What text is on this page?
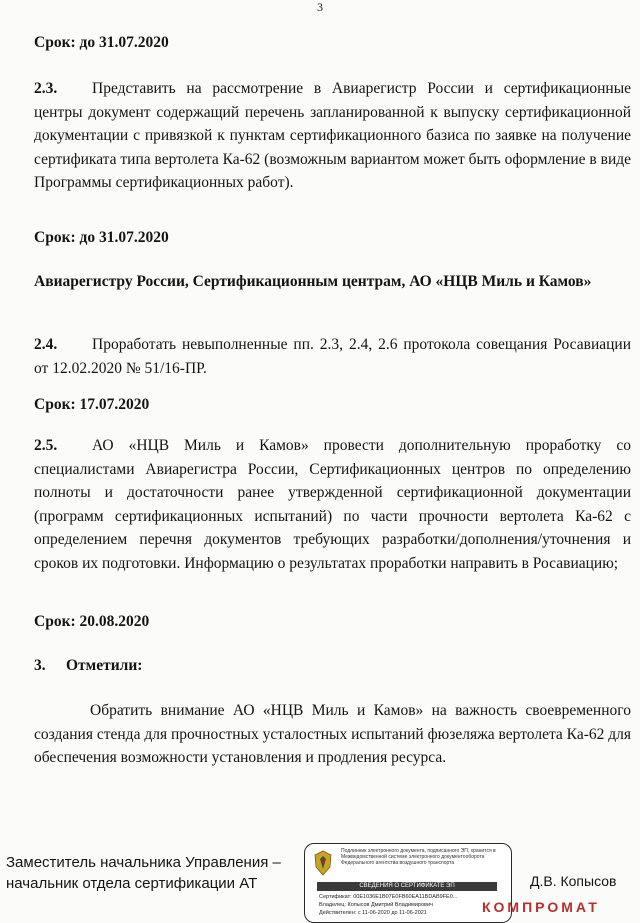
3
Срок: до 31.07.2020
2.3. Представить на рассмотрение в Авиарегистр России и сертификационные центры документ содержащий перечень запланированной к выпуску сертификационной документации с привязкой к пунктам сертификационного базиса по заявке на получение сертификата типа вертолета Ка-62 (возможным вариантом может быть оформление в виде Программы сертификационных работ).
Срок: до 31.07.2020
Авиарегистру России, Сертификационным центрам, АО «НЦВ Миль и Камов»
2.4. Проработать невыполненные пп. 2.3, 2.4, 2.6 протокола совещания Росавиации от 12.02.2020 № 51/16-ПР.
Срок: 17.07.2020
2.5. АО «НЦВ Миль и Камов» провести дополнительную проработку со специалистами Авиарегистра России, Сертификационных центров по определению полноты и достаточности ранее утвержденной сертификационной документации (программ сертификационных испытаний) по части прочности вертолета Ка-62 с определением перечня документов требующих разработки/дополнения/уточнения и сроков их подготовки. Информацию о результатах проработки направить в Росавиацию;
Срок: 20.08.2020
3. Отметили:
Обратить внимание АО «НЦВ Миль и Камов» на важность своевременного создания стенда для прочностных усталостных испытаний фюзеляжа вертолета Ка-62 для обеспечения возможности установления и продления ресурса.
Заместитель начальника Управления –
начальник отдела сертификации АТ
Подлинник электронного документа, подписанного ЭП, хранится в Межведомственной системе электронного документооборота Федерального агентства воздушного транспорта
СВЕДЕНИЯ О СЕРТИФИКАТЕ ЭП
Сертификат: 00E1036E1B07E0FB60EA11BDAB9FE0...
Владелец: Копысов Дмитрий Владимирович
Действителен: с 11-06-2020 до 11-06-2021
Д.В. Копысов
КОМПРОМАТ
